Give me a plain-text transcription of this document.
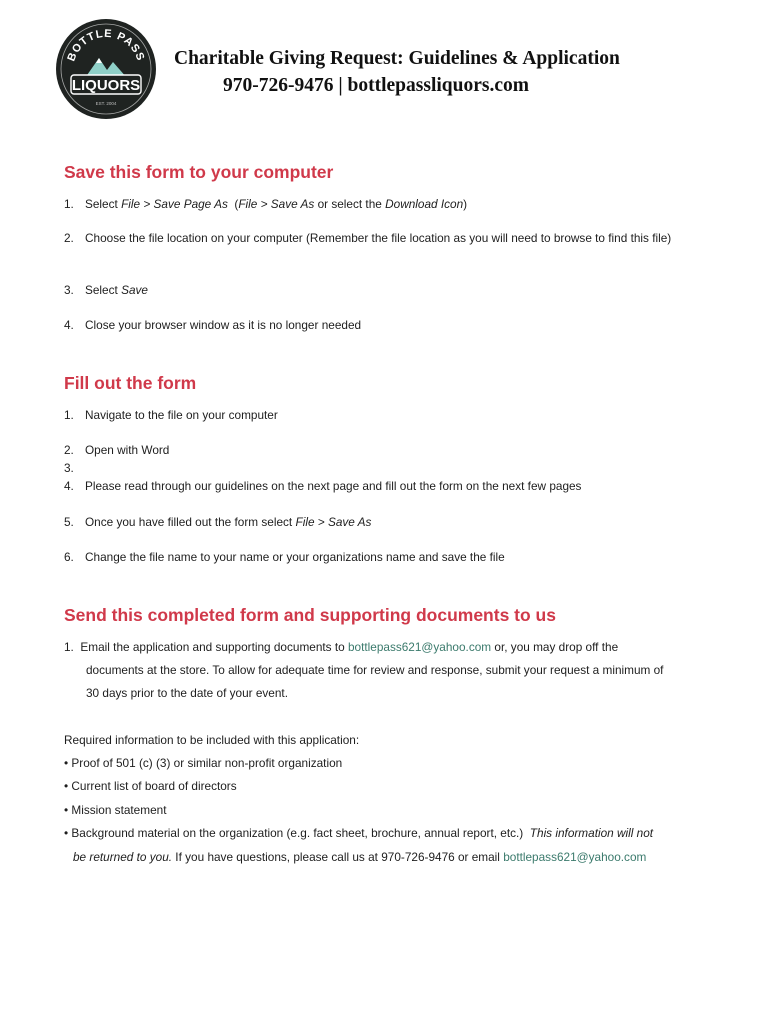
BOTTLE PASS
LIQUORS
EST. 2004
Charitable Giving Request: Guidelines & Application
970-726-9476 | bottlepassliquors.com
Save this form to your computer
1. Select File > Save Page As  (File > Save As or select the Download Icon)
2. Choose the file location on your computer (Remember the file location as you will need to browse to find this file)
3. Select Save
4. Close your browser window as it is no longer needed
Fill out the form
1. Navigate to the file on your computer
2. Open with Word
3.
4. Please read through our guidelines on the next page and fill out the form on the next few pages
5. Once you have filled out the form select File > Save As
6. Change the file name to your name or your organizations name and save the file
Send this completed form and supporting documents to us
1. Email the application and supporting documents to bottlepass621@yahoo.com or, you may drop off the
documents at the store. To allow for adequate time for review and response, submit your request a minimum of
30 days prior to the date of your event.
Required information to be included with this application:
• Proof of 501 (c) (3) or similar non-profit organization
• Current list of board of directors
• Mission statement
• Background material on the organization (e.g. fact sheet, brochure, annual report, etc.)  This information will not
be returned to you. If you have questions, please call us at 970-726-9476 or email bottlepass621@yahoo.com
